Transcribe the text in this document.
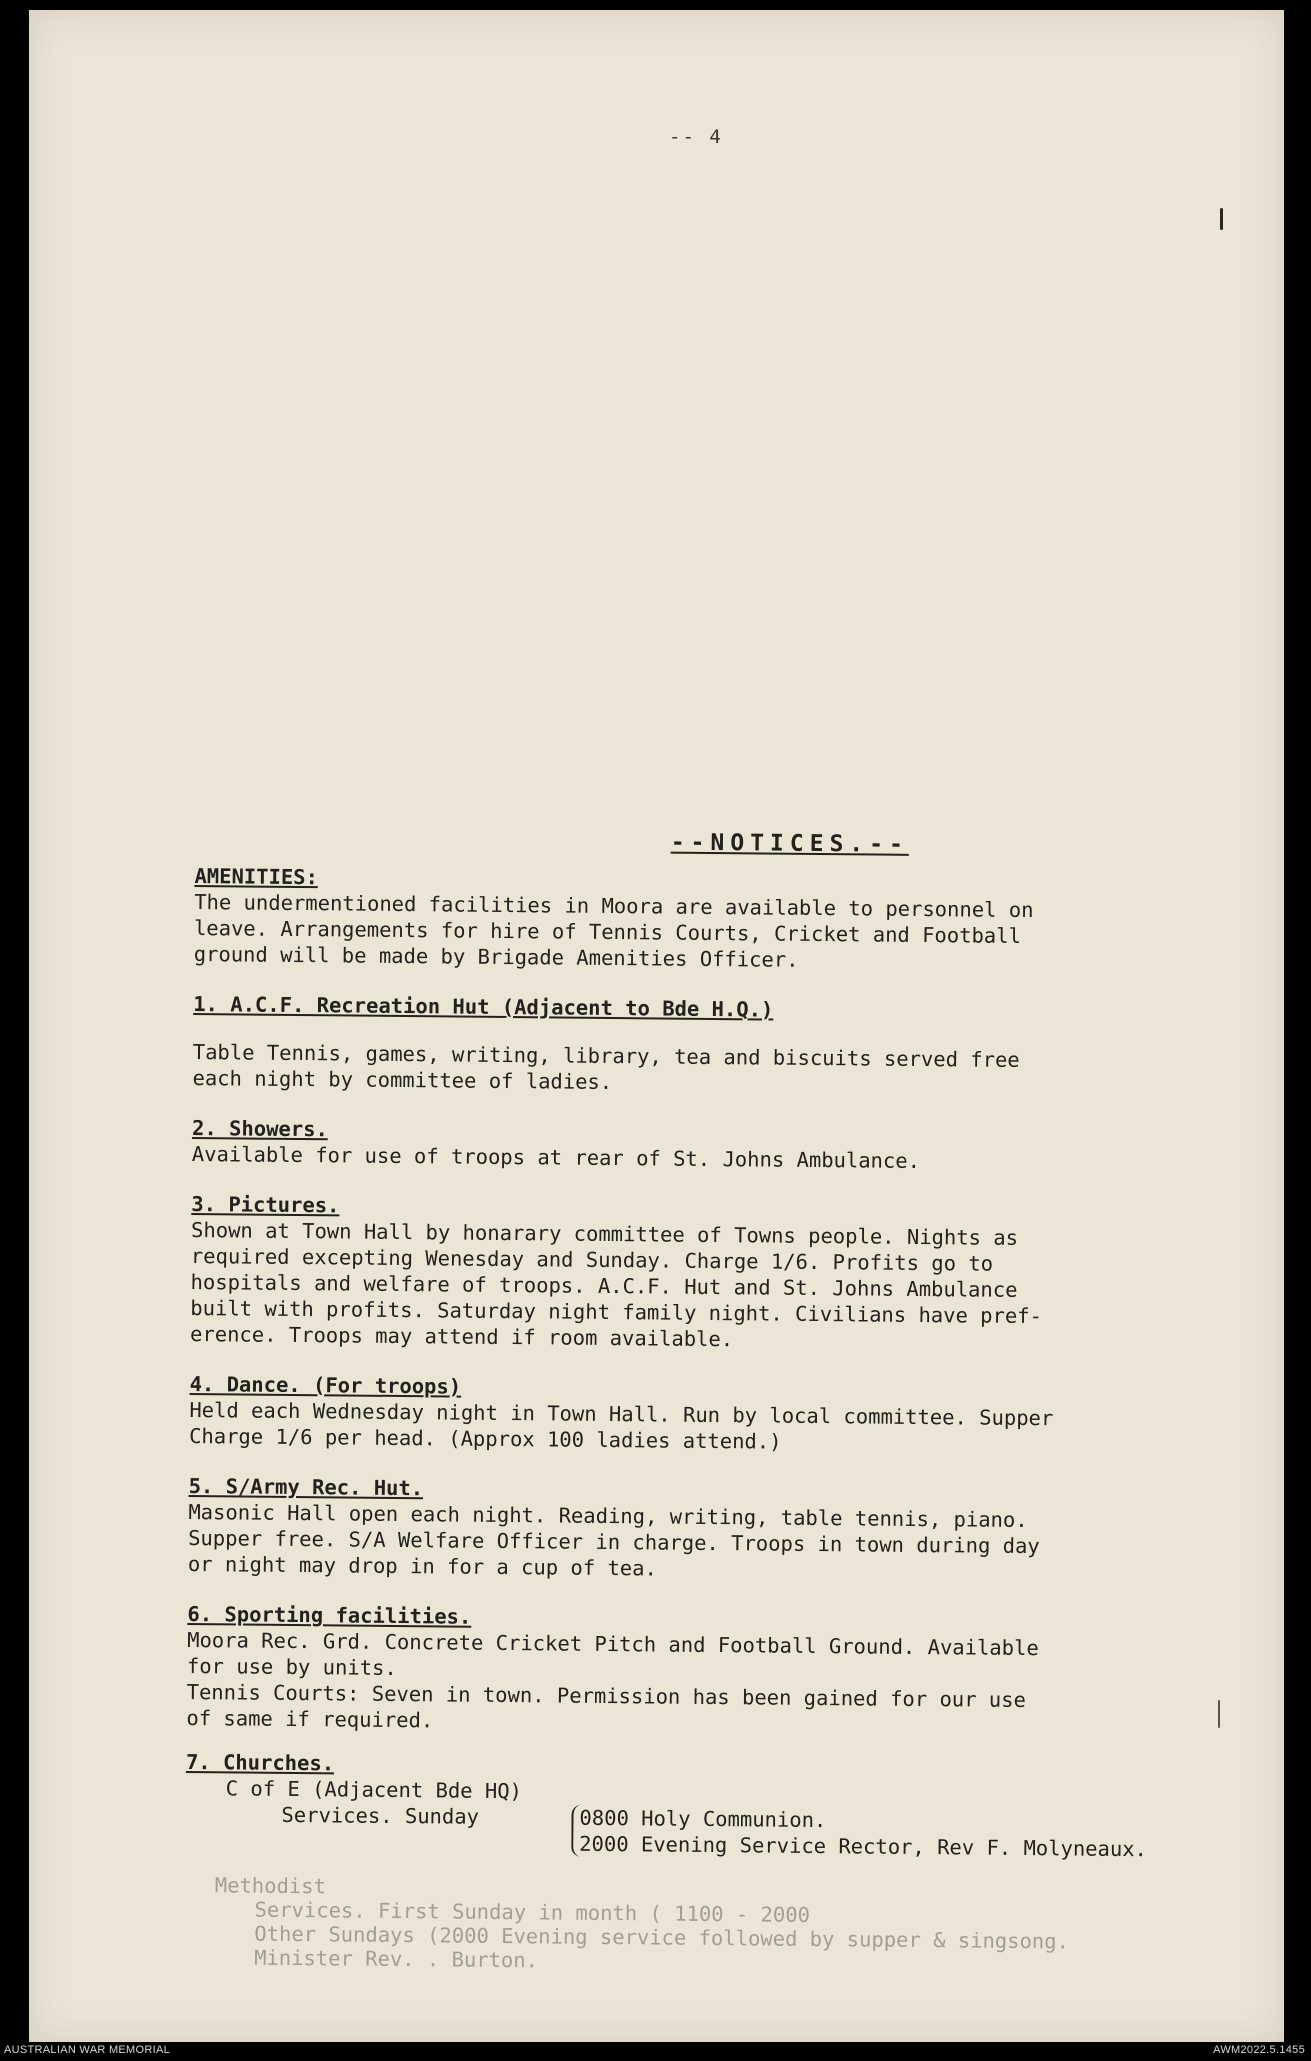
-- 4
--NOTICES.--

AMENITIES:

The undermentioned facilities in Moora are available to personnel on

leave. Arrangements for hire of Tennis Courts, Cricket and Football

ground will be made by Brigade Amenities Officer.

1. A.C.F. Recreation Hut (Adjacent to Bde H.Q.)

Table Tennis, games, writing, library, tea and biscuits served free

each night by committee of ladies.

2. Showers.

Available for use of troops at rear of St. Johns Ambulance.

3. Pictures.

Shown at Town Hall by honarary committee of Towns people. Nights as

required excepting Wenesday and Sunday. Charge 1/6. Profits go to

hospitals and welfare of troops. A.C.F. Hut and St. Johns Ambulance

built with profits. Saturday night family night. Civilians have pref-

erence. Troops may attend if room available.

4. Dance. (For troops)

Held each Wednesday night in Town Hall. Run by local committee. Supper

Charge 1/6 per head. (Approx 100 ladies attend.)

5. S/Army Rec. Hut.

Masonic Hall open each night. Reading, writing, table tennis, piano.

Supper free. S/A Welfare Officer in charge. Troops in town during day

or night may drop in for a cup of tea.

6. Sporting facilities.

Moora Rec. Grd. Concrete Cricket Pitch and Football Ground. Available

for use by units.

Tennis Courts: Seven in town. Permission has been gained for our use

of same if required.

7. Churches.

C of E (Adjacent Bde HQ)

Services. Sunday	0800 Holy Communion.

2000 Evening Service Rector, Rev F. Molyneaux.

Methodist

Services. First Sunday in month ( 1100 - 2000

Other Sundays (2000 Evening service followed by supper & singsong.

Minister Rev. . Burton.

AUSTRALIAN WAR MEMORIAL	AWM2022.5.1455
